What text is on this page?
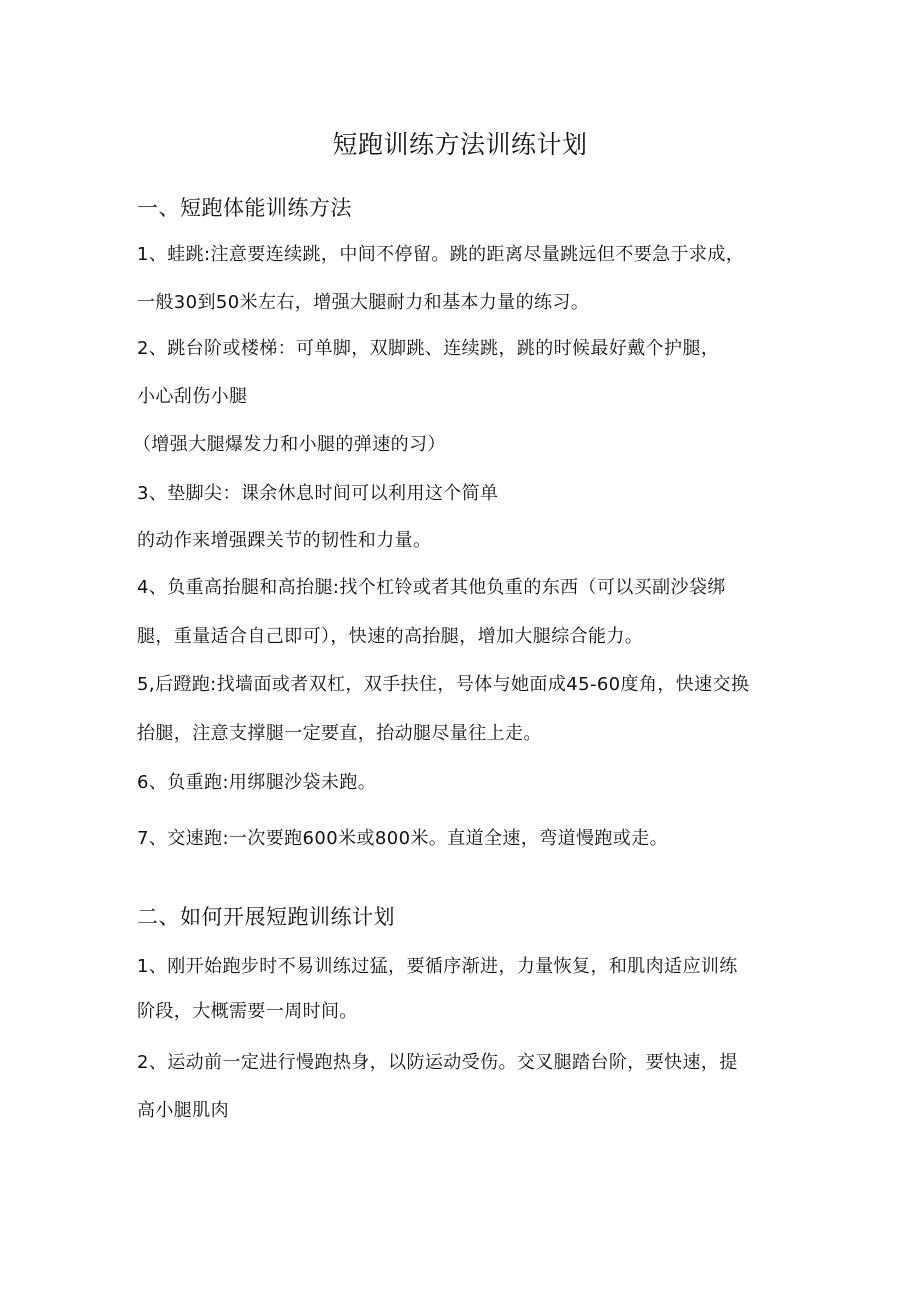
短跑训练方法训练计划
一、短跑体能训练方法
1、蛙跳:注意要连续跳，中间不停留。跳的距离尽量跳远但不要急于求成，
一般30到50米左右，增强大腿耐力和基本力量的练习。
2、跳台阶或楼梯：可单脚，双脚跳、连续跳，跳的时候最好戴个护腿，
小心刮伤小腿
（增强大腿爆发力和小腿的弹速的习）
3、垫脚尖：课余休息时间可以利用这个简单
的动作来增强踝关节的韧性和力量。
4、负重高抬腿和高抬腿:找个杠铃或者其他负重的东西（可以买副沙袋绑
腿，重量适合自己即可），快速的高抬腿，增加大腿综合能力。
5,后蹬跑:找墙面或者双杠，双手扶住，号体与她面成45-60度角，快速交换
抬腿，注意支撑腿一定要直，抬动腿尽量往上走。
6、负重跑:用绑腿沙袋未跑。
7、交速跑:一次要跑600米或800米。直道全速，弯道慢跑或走。
二、如何开展短跑训练计划
1、刚开始跑步时不易训练过猛，要循序渐进，力量恢复，和肌肉适应训练
阶段，大概需要一周时间。
2、运动前一定进行慢跑热身，以防运动受伤。交叉腿踏台阶，要快速，提
高小腿肌肉
